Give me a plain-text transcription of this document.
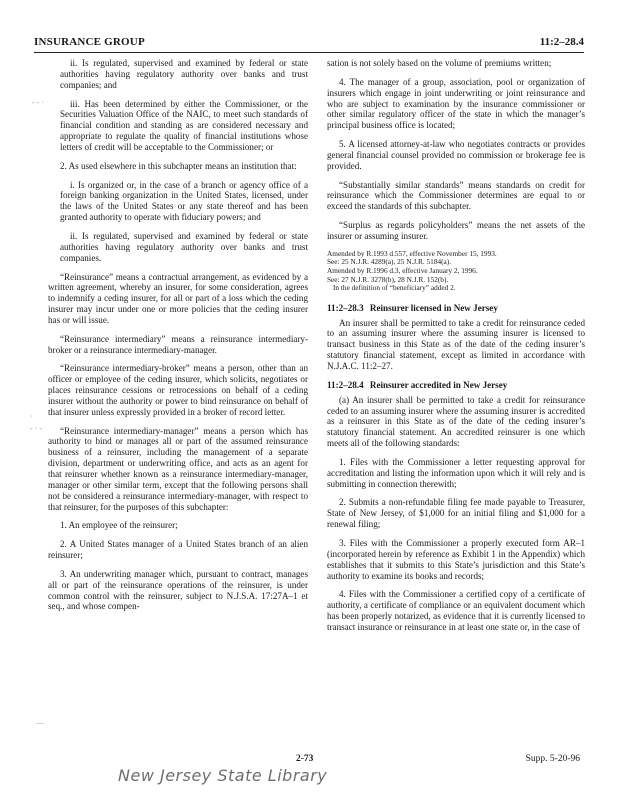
INSURANCE GROUP	11:2–28.4

ii. Is regulated, supervised and examined by federal or state authorities having regulatory authority over banks and trust companies; and

iii. Has been determined by either the Commissioner, or the Securities Valuation Office of the NAIC, to meet such standards of financial condition and standing as are considered necessary and appropriate to regulate the quality of financial institutions whose letters of credit will be acceptable to the Commissioner; or

2. As used elsewhere in this subchapter means an institution that:

i. Is organized or, in the case of a branch or agency office of a foreign banking organization in the United States, licensed, under the laws of the United States or any state thereof and has been granted authority to operate with fiduciary powers; and

ii. Is regulated, supervised and examined by federal or state authorities having regulatory authority over banks and trust companies.

“Reinsurance” means a contractual arrangement, as evidenced by a written agreement, whereby an insurer, for some consideration, agrees to indemnify a ceding insurer, for all or part of a loss which the ceding insurer may incur under one or more policies that the ceding insurer has or will issue.

“Reinsurance intermediary” means a reinsurance intermediary-broker or a reinsurance intermediary-manager.

“Reinsurance intermediary-broker” means a person, other than an officer or employee of the ceding insurer, which solicits, negotiates or places reinsurance cessions or retrocessions on behalf of a ceding insurer without the authority or power to bind reinsurance on behalf of that insurer unless expressly provided in a broker of record letter.

“Reinsurance intermediary-manager” means a person which has authority to bind or manages all or part of the assumed reinsurance business of a reinsurer, including the management of a separate division, department or underwriting office, and acts as an agent for that reinsurer whether known as a reinsurance intermediary-manager, manager or other similar term, except that the following persons shall not be considered a reinsurance intermediary-manager, with respect to that reinsurer, for the purposes of this subchapter:

1. An employee of the reinsurer;

2. A United States manager of a United States branch of an alien reinsurer;

3. An underwriting manager which, pursuant to contract, manages all or part of the reinsurance operations of the reinsurer, is under common control with the reinsurer, subject to N.J.S.A. 17:27A–1 et seq., and whose compen-

sation is not solely based on the volume of premiums written;

4. The manager of a group, association, pool or organization of insurers which engage in joint underwriting or joint reinsurance and who are subject to examination by the insurance commissioner or other similar regulatory officer of the state in which the manager’s principal business office is located;

5. A licensed attorney-at-law who negotiates contracts or provides general financial counsel provided no commission or brokerage fee is provided.

“Substantially similar standards” means standards on credit for reinsurance which the Commissioner determines are equal to or exceed the standards of this subchapter.

“Surplus as regards policyholders” means the net assets of the insurer or assuming insurer.

Amended by R.1993 d.557, effective November 15, 1993.
See: 25 N.J.R. 4289(a), 25 N.J.R. 5184(a).
Amended by R.1996 d.3, effective January 2, 1996.
See: 27 N.J.R. 3278(b), 28 N.J.R. 152(b).
In the definition of “beneficiary” added 2.
11:2–28.3 Reinsurer licensed in New Jersey

An insurer shall be permitted to take a credit for reinsurance ceded to an assuming insurer where the assuming insurer is licensed to transact business in this State as of the date of the ceding insurer’s statutory financial statement, except as limited in accordance with N.J.A.C. 11:2–27.

11:2–28.4 Reinsurer accredited in New Jersey

(a) An insurer shall be permitted to take a credit for reinsurance ceded to an assuming insurer where the assuming insurer is accredited as a reinsurer in this State as of the date of the ceding insurer’s statutory financial statement. An accredited reinsurer is one which meets all of the following standards:

1. Files with the Commissioner a letter requesting approval for accreditation and listing the information upon which it will rely and is submitting in connection therewith;

2. Submits a non-refundable filing fee made payable to Treasurer, State of New Jersey, of $1,000 for an initial filing and $1,000 for a renewal filing;

3. Files with the Commissioner a properly executed form AR–1 (incorporated herein by reference as Exhibit 1 in the Appendix) which establishes that it submits to this State’s jurisdiction and this State’s authority to examine its books and records;

4. Files with the Commissioner a certified copy of a certificate of authority, a certificate of compliance or an equivalent document which has been properly notarized, as evidence that it is currently licensed to transact insurance or reinsurance in at least one state or, in the case of

2-73	Supp. 5-20-96
New Jersey State Library
- ‐ ·
·
‐ · ‐
—
